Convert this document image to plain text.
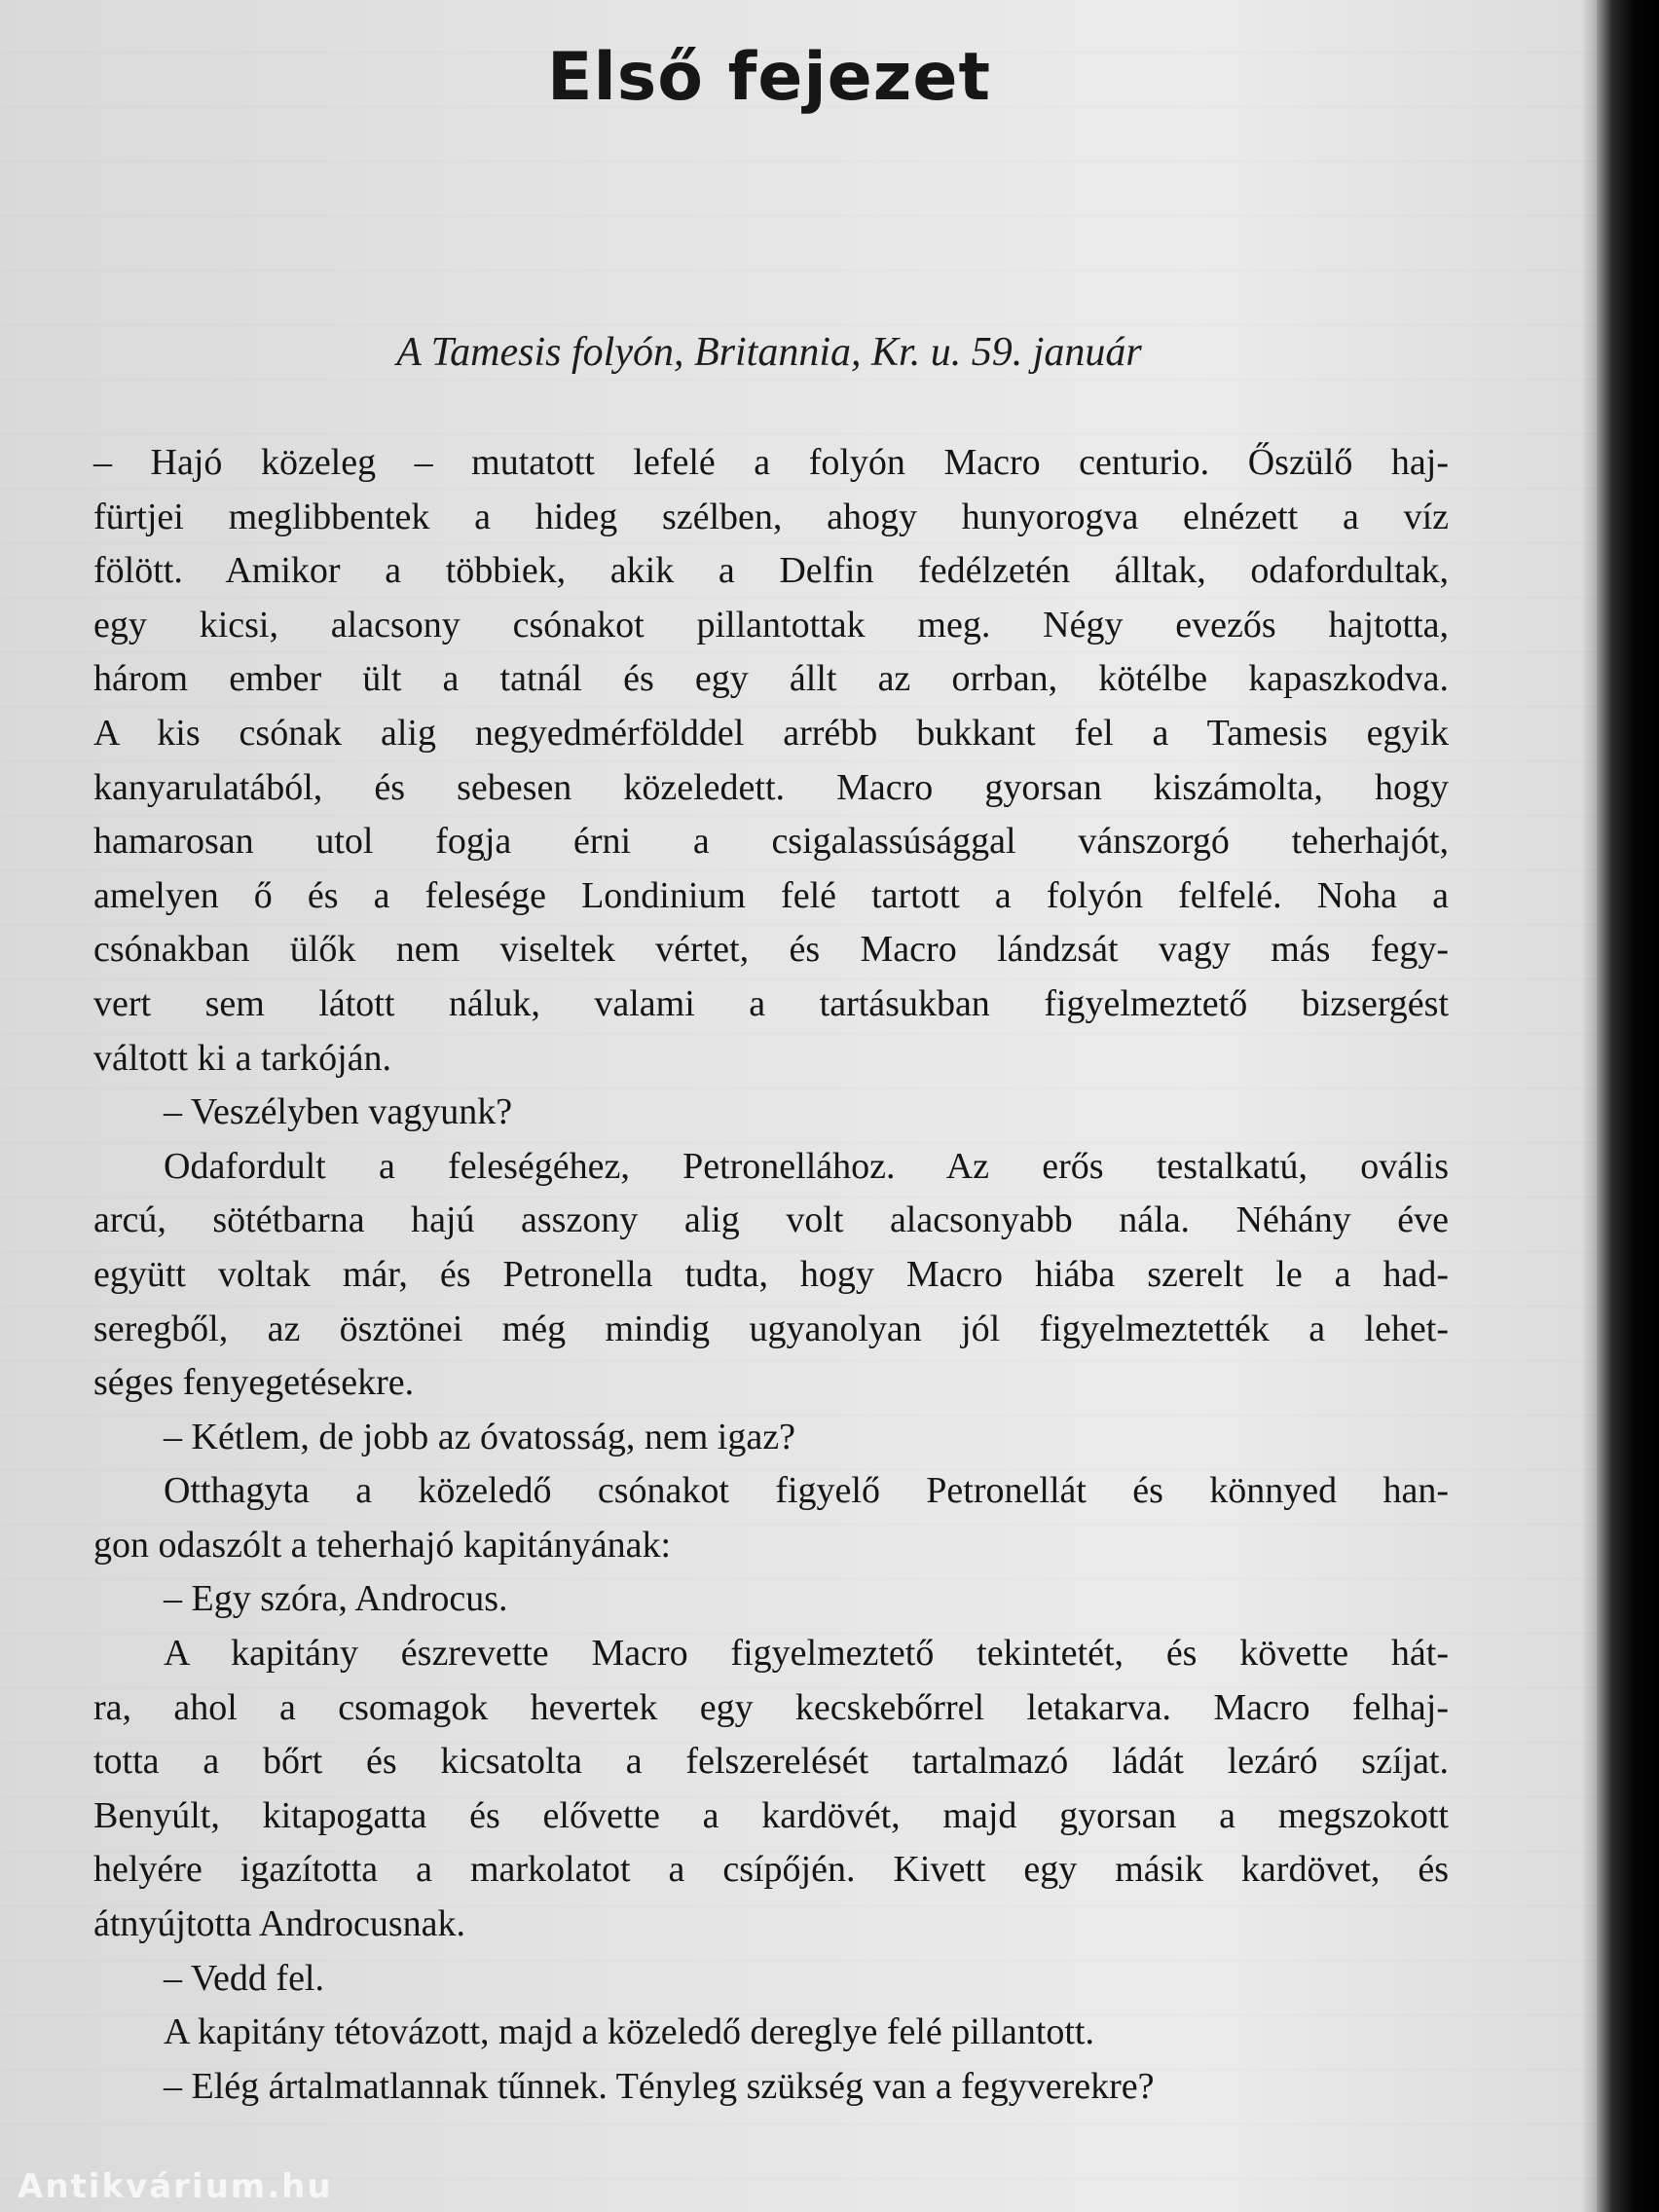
Első fejezet
A Tamesis folyón, Britannia, Kr. u. 59. január
– Hajó közeleg – mutatott lefelé a folyón Macro centurio. Őszülő haj-
fürtjei meglibbentek a hideg szélben, ahogy hunyorogva elnézett a víz
fölött. Amikor a többiek, akik a Delfin fedélzetén álltak, odafordultak,
egy kicsi, alacsony csónakot pillantottak meg. Négy evezős hajtotta,
három ember ült a tatnál és egy állt az orrban, kötélbe kapaszkodva.
A kis csónak alig negyedmérfölddel arrébb bukkant fel a Tamesis egyik
kanyarulatából, és sebesen közeledett. Macro gyorsan kiszámolta, hogy
hamarosan utol fogja érni a csigalassúsággal vánszorgó teherhajót,
amelyen ő és a felesége Londinium felé tartott a folyón felfelé. Noha a
csónakban ülők nem viseltek vértet, és Macro lándzsát vagy más fegy-
vert sem látott náluk, valami a tartásukban figyelmeztető bizsergést
váltott ki a tarkóján.
– Veszélyben vagyunk?
Odafordult a feleségéhez, Petronellához. Az erős testalkatú, ovális
arcú, sötétbarna hajú asszony alig volt alacsonyabb nála. Néhány éve
együtt voltak már, és Petronella tudta, hogy Macro hiába szerelt le a had-
seregből, az ösztönei még mindig ugyanolyan jól figyelmeztették a lehet-
séges fenyegetésekre.
– Kétlem, de jobb az óvatosság, nem igaz?
Otthagyta a közeledő csónakot figyelő Petronellát és könnyed han-
gon odaszólt a teherhajó kapitányának:
– Egy szóra, Androcus.
A kapitány észrevette Macro figyelmeztető tekintetét, és követte hát-
ra, ahol a csomagok hevertek egy kecskebőrrel letakarva. Macro felhaj-
totta a bőrt és kicsatolta a felszerelését tartalmazó ládát lezáró szíjat.
Benyúlt, kitapogatta és elővette a kardövét, majd gyorsan a megszokott
helyére igazította a markolatot a csípőjén. Kivett egy másik kardövet, és
átnyújtotta Androcusnak.
– Vedd fel.
A kapitány tétovázott, majd a közeledő dereglye felé pillantott.
– Elég ártalmatlannak tűnnek. Tényleg szükség van a fegyverekre?
Antikvárium.hu
